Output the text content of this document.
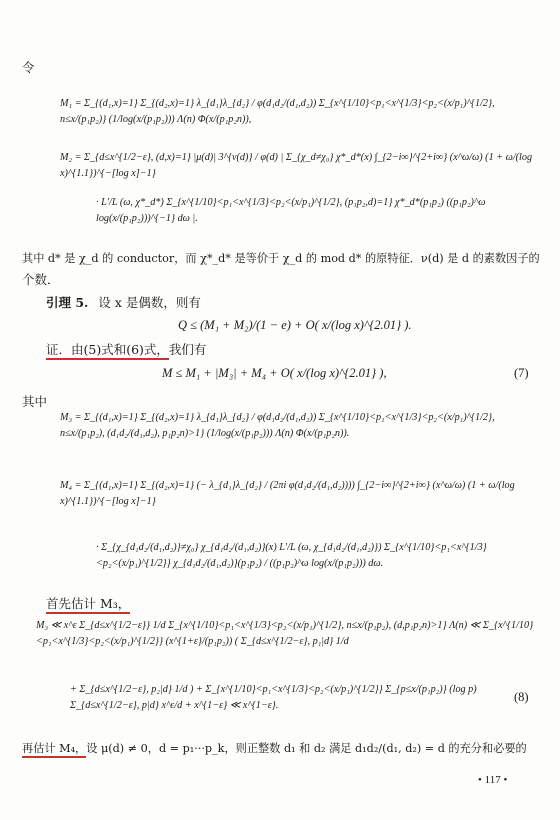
令
M₁ = Σ_{(d₁,x)=1} Σ_{(d₂,x)=1} λ_{d₁}λ_{d₂} / φ(d₁d₂/(d₁,d₂)) Σ_{x^{1/10}<p₁<x^{1/3}<p₂<(x/p₁)^{1/2}, n≤x/(p₁p₂)} (1/log(x/(p₁p₂))) Λ(n) Φ(x/(p₁p₂n)),
M₂ = Σ_{d≤x^{1/2−ε}, (d,x)=1} |μ(d)| 3^{ν(d)} / φ(d) | Σ_{χ_d≠χ₀} χ*_d*(x) ∫_{2−i∞}^{2+i∞} (x^ω/ω) (1 + ω/(log x)^{1.1})^{−[log x]−1}
· L′/L (ω, χ*_d*) Σ_{x^{1/10}<p₁<x^{1/3}<p₂<(x/p₁)^{1/2}, (p₁p₂,d)=1} χ*_d*(p₁p₂) ((p₁p₂)^ω log(x/(p₁p₂)))^{−1} dω |.
其中 d* 是 χ_d 的 conductor，而 χ*_d* 是等价于 χ_d 的 mod d* 的原特征．ν(d) 是 d 的素数因子的
个数．
引理 5. 设 x 是偶数，则有
Q ≤ (M₁ + M₂)/(1 − e) + O( x/(log x)^{2.01} ).
证．由(5)式和(6)式，我们有
M ≤ M₁ + |M₃| + M₄ + O( x/(log x)^{2.01} ),	(7)
其中
M₃ = Σ_{(d₁,x)=1} Σ_{(d₂,x)=1} λ_{d₁}λ_{d₂} / φ(d₁d₂/(d₁,d₂)) Σ_{x^{1/10}<p₁<x^{1/3}<p₂<(x/p₁)^{1/2}, n≤x/(p₁p₂), (d₁d₂/(d₁,d₂), p₁p₂n)>1} (1/log(x/(p₁p₂))) Λ(n) Φ(x/(p₁p₂n)).
M₄ = Σ_{(d₁,x)=1} Σ_{(d₂,x)=1} (− λ_{d₁}λ_{d₂} / (2πi φ(d₁d₂/(d₁,d₂)))) ∫_{2−i∞}^{2+i∞} (x^ω/ω) (1 + ω/(log x)^{1.1})^{−[log x]−1}
· Σ_{χ_{d₁d₂/(d₁,d₂)}≠χ₀} χ_{d₁d₂/(d₁,d₂)}(x) L′/L (ω, χ_{d₁d₂/(d₁,d₂)}) Σ_{x^{1/10}<p₁<x^{1/3}<p₂<(x/p₁)^{1/2}} χ_{d₁d₂/(d₁,d₂)}(p₁p₂) / ((p₁p₂)^ω log(x/(p₁p₂))) dω.
首先估计 M₃，
M₃ ≪ x^ε Σ_{d≤x^{1/2−ε}} 1/d Σ_{x^{1/10}<p₁<x^{1/3}<p₂<(x/p₁)^{1/2}, n≤x/(p₁p₂), (d,p₁p₂n)>1} Λ(n) ≪ Σ_{x^{1/10}<p₁<x^{1/3}<p₂<(x/p₁)^{1/2}} (x^{1+ε}/(p₁p₂)) ( Σ_{d≤x^{1/2−ε}, p₁|d} 1/d
+ Σ_{d≤x^{1/2−ε}, p₂|d} 1/d ) + Σ_{x^{1/10}<p₁<x^{1/3}<p₂<(x/p₁)^{1/2}} Σ_{p≤x/(p₁p₂)} (log p) Σ_{d≤x^{1/2−ε}, p|d} x^ε/d + x^{1−ε} ≪ x^{1−ε}.
(8)
再估计 M₄，设 μ(d) ≠ 0，d = p₁···p_k，则正整数 d₁ 和 d₂ 满足 d₁d₂/(d₁, d₂) = d 的充分和必要的
• 117 •
